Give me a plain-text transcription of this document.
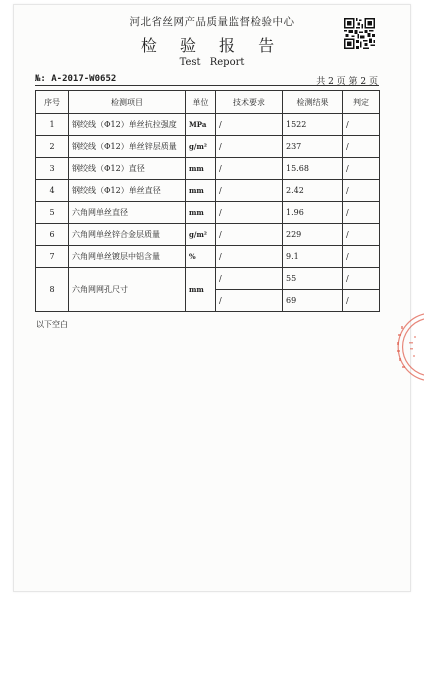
河北省丝网产品质量监督检验中心
检 验 报 告
Test Report
№: A-2017-W0652	共 2 页 第 2 页
序号	检测项目	单位	技术要求	检测结果	判定
1	钢绞线（Φ12）单丝抗拉强度	MPa	/	1522	/
2	钢绞线（Φ12）单丝锌层质量	g/m²	/	237	/
3	钢绞线（Φ12）直径	mm	/	15.68	/
4	钢绞线（Φ12）单丝直径	mm	/	2.42	/
5	六角网单丝直径	mm	/	1.96	/
6	六角网单丝锌合金层质量	g/m²	/	229	/
7	六角网单丝镀层中铝含量	%	/	9.1	/
8	六角网网孔尺寸	mm	/	55	/
			/	69	/
以下空白
